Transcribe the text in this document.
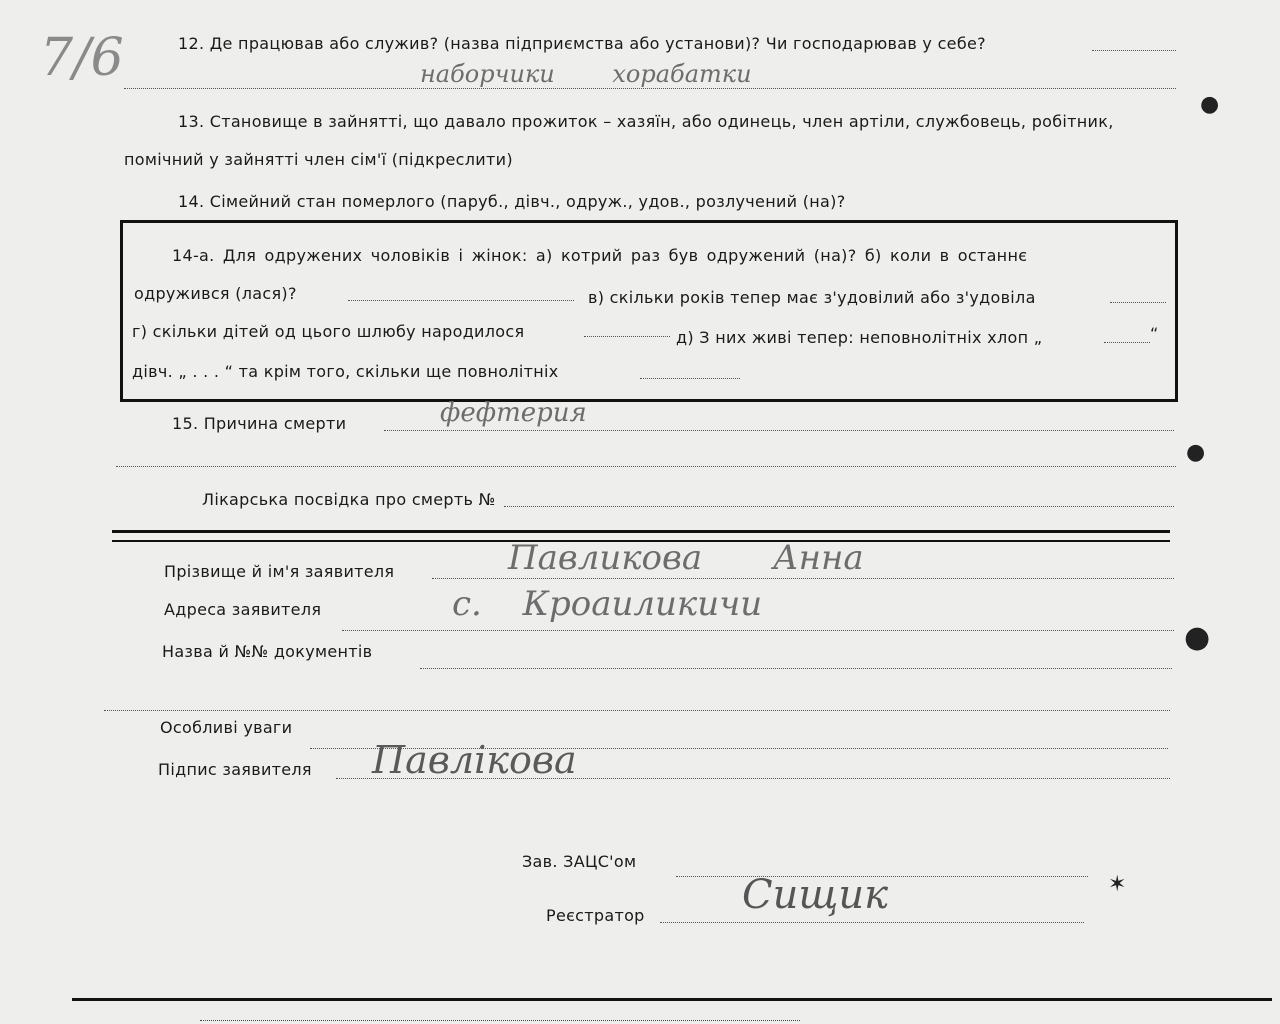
7/6	12. Де працював або служив? (назва підприємства або установи)? Чи господарював у себе?
наборчики хорабатки
13. Становище в зайнятті, що давало прожиток – хазяїн, або одинець, член артіли, службовець, робітник,
помічний у зайнятті член сім'ї (підкреслити)
14. Сімейний стан померлого (паруб., дівч., одруж., удов., розлучений (на)?
14-а. Для одружених чоловіків і жінок: а) котрий раз був одружений (на)? б) коли в останнє
одружився (лася)?	в) скільки років тепер має з'удовілий або з'удовіла
г) скільки дітей од цього шлюбу народилося	д) З них живі тепер: неповнолітніх хлоп „	“
дівч. „ . . . “ та крім того, скільки ще повнолітніх
15. Причина смерти	фефтерия
Лікарська посвідка про смерть №
Прізвище й ім'я заявителя	Павликова Анна
Адреса заявителя	с. Кроаиликичи
Назва й №№ документів
Особливі уваги
Підпис заявителя Павлікова
Зав. ЗАЦС'ом
Реєстратор Сищик
●
●
●
✶
